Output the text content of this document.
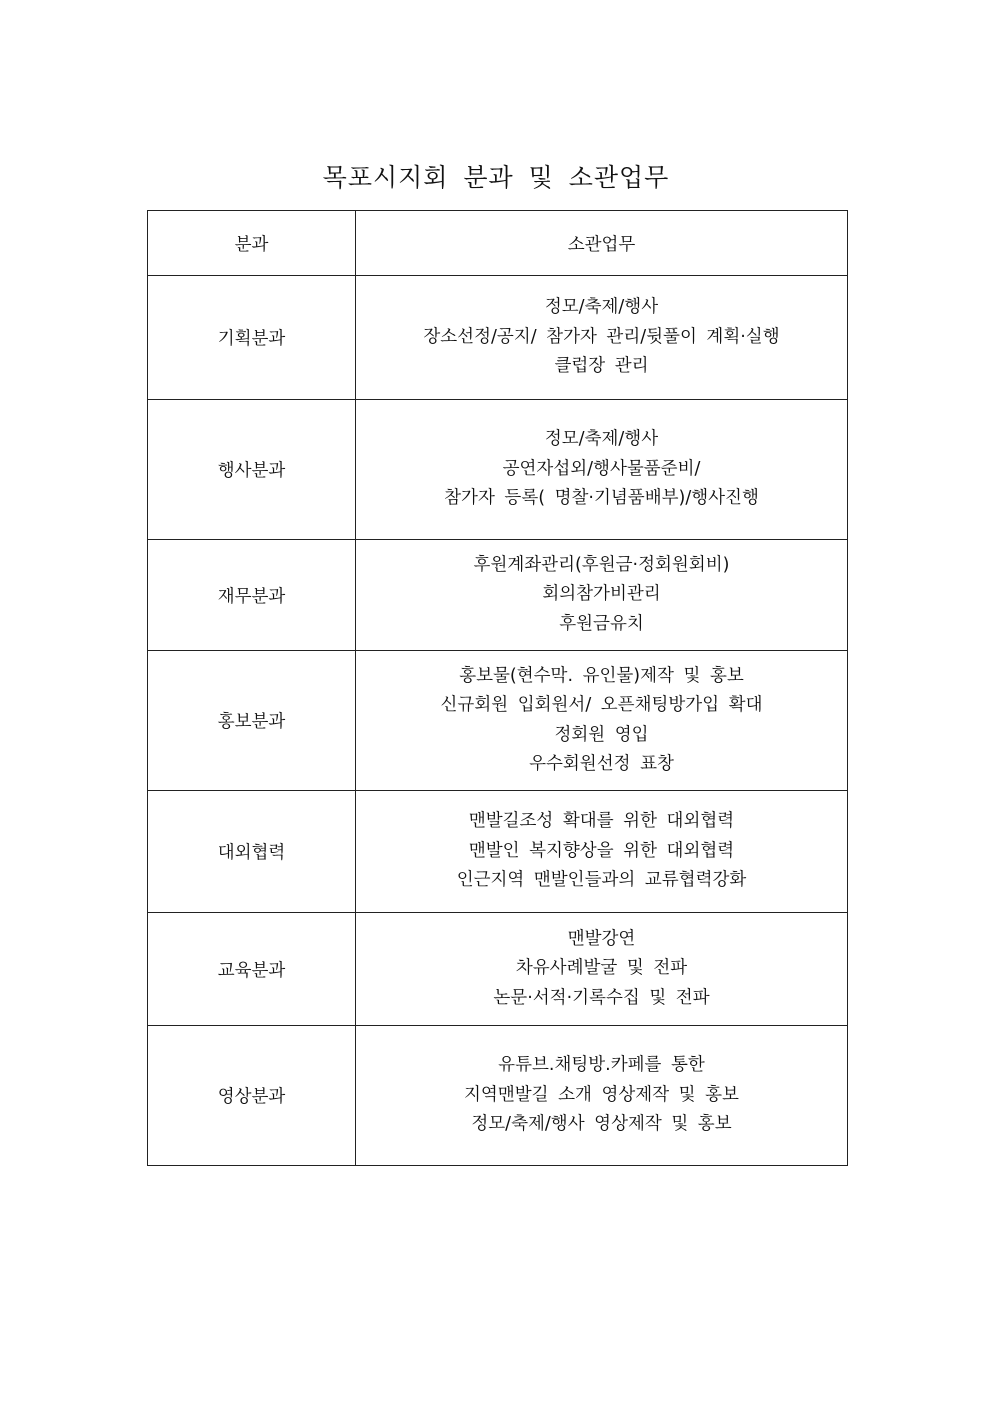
목포시지회 분과 및 소관업무
분과	소관업무
기획분과	정모/축제/행사
장소선정/공지/ 참가자 관리/뒷풀이 계획·실행
클럽장 관리

행사분과	정모/축제/행사
공연자섭외/행사물품준비/
참가자 등록( 명찰·기념품배부)/행사진행

재무분과	후원계좌관리(후원금·정회원회비)
회의참가비관리
후원금유치

홍보분과	홍보물(현수막. 유인물)제작 및 홍보
신규회원 입회원서/ 오픈채팅방가입 확대
정회원 영입
우수회원선정 표창

대외협력	맨발길조성 확대를 위한 대외협력
맨발인 복지향상을 위한 대외협력
인근지역 맨발인들과의 교류협력강화

교육분과	맨발강연
차유사례발굴 및 전파
논문·서적·기록수집 및 전파

영상분과	유튜브.채팅방.카페를 통한
지역맨발길 소개 영상제작 및 홍보
정모/축제/행사 영상제작 및 홍보
